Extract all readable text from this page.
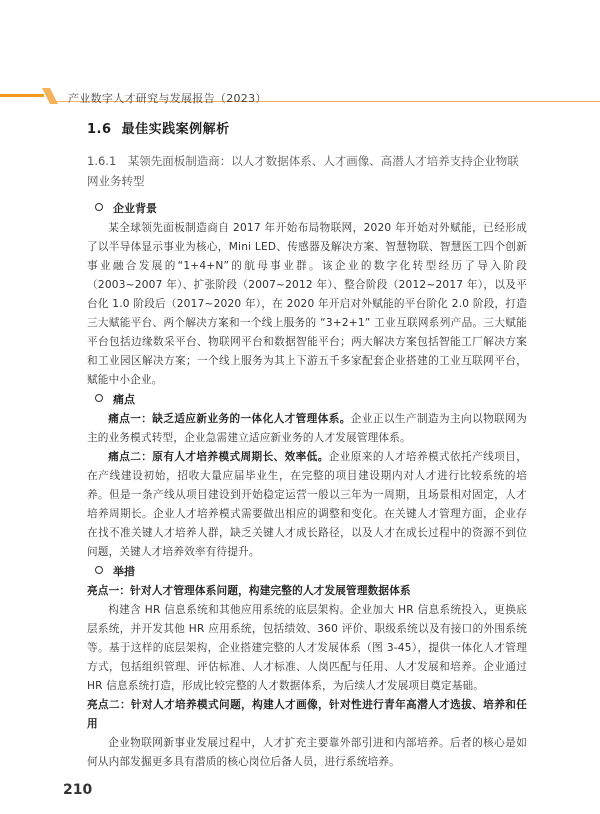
产业数字人才研究与发展报告（2023）
1.6 最佳实践案例解析
1.6.1　某领先面板制造商：以人才数据体系、人才画像、高潜人才培养支持企业物联网业务转型
企业背景

某全球领先面板制造商自 2017 年开始布局物联网，2020 年开始对外赋能，已经形成了以半导体显示事业为核心，Mini LED、传感器及解决方案、智慧物联、智慧医工四个创新事业融合发展的“1+4+N”的航母事业群。该企业的数字化转型经历了导入阶段（2003~2007 年）、扩张阶段（2007~2012 年）、整合阶段（2012~2017 年），以及平台化 1.0 阶段后（2017~2020 年），在 2020 年开启对外赋能的平台阶化 2.0 阶段，打造三大赋能平台、两个解决方案和一个线上服务的 “3+2+1” 工业互联网系列产品。三大赋能平台包括边缘数采平台、物联网平台和数据智能平台；两大解决方案包括智能工厂解决方案和工业园区解决方案；一个线上服务为其上下游五千多家配套企业搭建的工业互联网平台，赋能中小企业。

痛点

痛点一：缺乏适应新业务的一体化人才管理体系。企业正以生产制造为主向以物联网为主的业务模式转型，企业急需建立适应新业务的人才发展管理体系。

痛点二：原有人才培养模式周期长、效率低。企业原来的人才培养模式依托产线项目，在产线建设初始，招收大量应届毕业生，在完整的项目建设期内对人才进行比较系统的培养。但是一条产线从项目建设到开始稳定运营一般以三年为一周期，且场景相对固定，人才培养周期长。企业人才培养模式需要做出相应的调整和变化。在关键人才管理方面，企业存在找不准关键人才培养人群，缺乏关键人才成长路径，以及人才在成长过程中的资源不到位问题，关键人才培养效率有待提升。

举措

亮点一：针对人才管理体系问题，构建完整的人才发展管理数据体系

构建含 HR 信息系统和其他应用系统的底层架构。企业加大 HR 信息系统投入，更换底层系统，并开发其他 HR 应用系统，包括绩效、360 评价、职级系统以及有接口的外围系统等。基于这样的底层架构，企业搭建完整的人才发展体系（图 3-45），提供一体化人才管理方式，包括组织管理、评估标准、人才标准、人岗匹配与任用、人才发展和培养。企业通过 HR 信息系统打造，形成比较完整的人才数据体系，为后续人才发展项目奠定基础。

亮点二：针对人才培养模式问题，构建人才画像，针对性进行青年高潜人才选拔、培养和任用

企业物联网新事业发展过程中，人才扩充主要靠外部引进和内部培养。后者的核心是如何从内部发掘更多具有潜质的核心岗位后备人员，进行系统培养。

210
